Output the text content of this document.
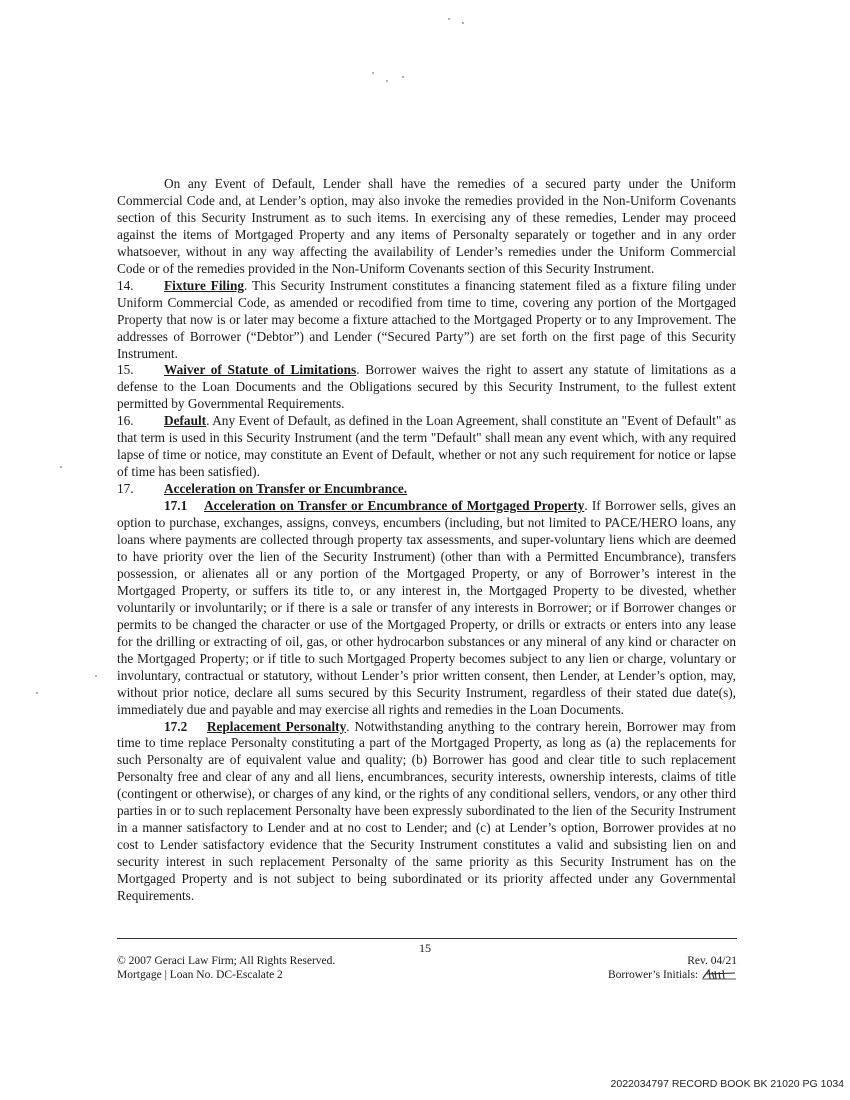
On any Event of Default, Lender shall have the remedies of a secured party under the Uniform Commercial Code and, at Lender’s option, may also invoke the remedies provided in the Non-Uniform Covenants section of this Security Instrument as to such items. In exercising any of these remedies, Lender may proceed against the items of Mortgaged Property and any items of Personalty separately or together and in any order whatsoever, without in any way affecting the availability of Lender’s remedies under the Uniform Commercial Code or of the remedies provided in the Non-Uniform Covenants section of this Security Instrument.

14. Fixture Filing. This Security Instrument constitutes a financing statement filed as a fixture filing under Uniform Commercial Code, as amended or recodified from time to time, covering any portion of the Mortgaged Property that now is or later may become a fixture attached to the Mortgaged Property or to any Improvement. The addresses of Borrower (“Debtor”) and Lender (“Secured Party”) are set forth on the first page of this Security Instrument.

15. Waiver of Statute of Limitations. Borrower waives the right to assert any statute of limitations as a defense to the Loan Documents and the Obligations secured by this Security Instrument, to the fullest extent permitted by Governmental Requirements.

16. Default. Any Event of Default, as defined in the Loan Agreement, shall constitute an "Event of Default" as that term is used in this Security Instrument (and the term "Default" shall mean any event which, with any required lapse of time or notice, may constitute an Event of Default, whether or not any such requirement for notice or lapse of time has been satisfied).

17. Acceleration on Transfer or Encumbrance.

17.1 Acceleration on Transfer or Encumbrance of Mortgaged Property. If Borrower sells, gives an option to purchase, exchanges, assigns, conveys, encumbers (including, but not limited to PACE/HERO loans, any loans where payments are collected through property tax assessments, and super-voluntary liens which are deemed to have priority over the lien of the Security Instrument) (other than with a Permitted Encumbrance), transfers possession, or alienates all or any portion of the Mortgaged Property, or any of Borrower’s interest in the Mortgaged Property, or suffers its title to, or any interest in, the Mortgaged Property to be divested, whether voluntarily or involuntarily; or if there is a sale or transfer of any interests in Borrower; or if Borrower changes or permits to be changed the character or use of the Mortgaged Property, or drills or extracts or enters into any lease for the drilling or extracting of oil, gas, or other hydrocarbon substances or any mineral of any kind or character on the Mortgaged Property; or if title to such Mortgaged Property becomes subject to any lien or charge, voluntary or involuntary, contractual or statutory, without Lender’s prior written consent, then Lender, at Lender’s option, may, without prior notice, declare all sums secured by this Security Instrument, regardless of their stated due date(s), immediately due and payable and may exercise all rights and remedies in the Loan Documents.

17.2 Replacement Personalty. Notwithstanding anything to the contrary herein, Borrower may from time to time replace Personalty constituting a part of the Mortgaged Property, as long as (a) the replacements for such Personalty are of equivalent value and quality; (b) Borrower has good and clear title to such replacement Personalty free and clear of any and all liens, encumbrances, security interests, ownership interests, claims of title (contingent or otherwise), or charges of any kind, or the rights of any conditional sellers, vendors, or any other third parties in or to such replacement Personalty have been expressly subordinated to the lien of the Security Instrument in a manner satisfactory to Lender and at no cost to Lender; and (c) at Lender’s option, Borrower provides at no cost to Lender satisfactory evidence that the Security Instrument constitutes a valid and subsisting lien on and security interest in such replacement Personalty of the same priority as this Security Instrument has on the Mortgaged Property and is not subject to being subordinated or its priority affected under any Governmental Requirements.

15
© 2007 Geraci Law Firm; All Rights Reserved.
Mortgage | Loan No. DC-Escalate 2
Rev. 04/21
Borrower’s Initials:
2022034797 RECORD BOOK BK 21020 PG 1034
